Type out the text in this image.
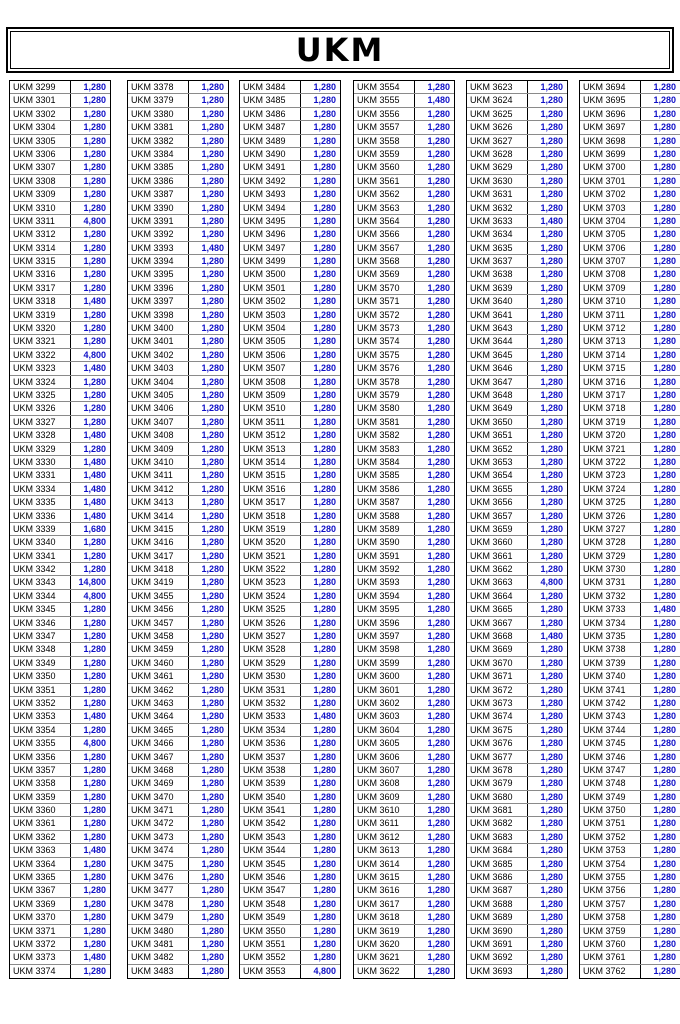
UKM
UKM 3299	1,280
UKM 3301	1,280
UKM 3302	1,280
UKM 3304	1,280
UKM 3305	1,280
UKM 3306	1,280
UKM 3307	1,280
UKM 3308	1,280
UKM 3309	1,280
UKM 3310	1,280
UKM 3311	4,800
UKM 3312	1,280
UKM 3314	1,280
UKM 3315	1,280
UKM 3316	1,280
UKM 3317	1,280
UKM 3318	1,480
UKM 3319	1,280
UKM 3320	1,280
UKM 3321	1,280
UKM 3322	4,800
UKM 3323	1,480
UKM 3324	1,280
UKM 3325	1,280
UKM 3326	1,280
UKM 3327	1,280
UKM 3328	1,480
UKM 3329	1,280
UKM 3330	1,480
UKM 3331	1,480
UKM 3334	1,480
UKM 3335	1,480
UKM 3336	1,480
UKM 3339	1,680
UKM 3340	1,280
UKM 3341	1,280
UKM 3342	1,280
UKM 3343	14,800
UKM 3344	4,800
UKM 3345	1,280
UKM 3346	1,280
UKM 3347	1,280
UKM 3348	1,280
UKM 3349	1,280
UKM 3350	1,280
UKM 3351	1,280
UKM 3352	1,280
UKM 3353	1,480
UKM 3354	1,280
UKM 3355	4,800
UKM 3356	1,280
UKM 3357	1,280
UKM 3358	1,280
UKM 3359	1,280
UKM 3360	1,280
UKM 3361	1,280
UKM 3362	1,280
UKM 3363	1,480
UKM 3364	1,280
UKM 3365	1,280
UKM 3367	1,280
UKM 3369	1,280
UKM 3370	1,280
UKM 3371	1,280
UKM 3372	1,280
UKM 3373	1,480
UKM 3374	1,280
UKM 3378	1,280
UKM 3379	1,280
UKM 3380	1,280
UKM 3381	1,280
UKM 3382	1,280
UKM 3384	1,280
UKM 3385	1,280
UKM 3386	1,280
UKM 3387	1,280
UKM 3390	1,280
UKM 3391	1,280
UKM 3392	1,280
UKM 3393	1,480
UKM 3394	1,280
UKM 3395	1,280
UKM 3396	1,280
UKM 3397	1,280
UKM 3398	1,280
UKM 3400	1,280
UKM 3401	1,280
UKM 3402	1,280
UKM 3403	1,280
UKM 3404	1,280
UKM 3405	1,280
UKM 3406	1,280
UKM 3407	1,280
UKM 3408	1,280
UKM 3409	1,280
UKM 3410	1,280
UKM 3411	1,280
UKM 3412	1,280
UKM 3413	1,280
UKM 3414	1,280
UKM 3415	1,280
UKM 3416	1,280
UKM 3417	1,280
UKM 3418	1,280
UKM 3419	1,280
UKM 3455	1,280
UKM 3456	1,280
UKM 3457	1,280
UKM 3458	1,280
UKM 3459	1,280
UKM 3460	1,280
UKM 3461	1,280
UKM 3462	1,280
UKM 3463	1,280
UKM 3464	1,280
UKM 3465	1,280
UKM 3466	1,280
UKM 3467	1,280
UKM 3468	1,280
UKM 3469	1,280
UKM 3470	1,280
UKM 3471	1,280
UKM 3472	1,280
UKM 3473	1,280
UKM 3474	1,280
UKM 3475	1,280
UKM 3476	1,280
UKM 3477	1,280
UKM 3478	1,280
UKM 3479	1,280
UKM 3480	1,280
UKM 3481	1,280
UKM 3482	1,280
UKM 3483	1,280
UKM 3484	1,280
UKM 3485	1,280
UKM 3486	1,280
UKM 3487	1,280
UKM 3489	1,280
UKM 3490	1,280
UKM 3491	1,280
UKM 3492	1,280
UKM 3493	1,280
UKM 3494	1,280
UKM 3495	1,280
UKM 3496	1,280
UKM 3497	1,280
UKM 3499	1,280
UKM 3500	1,280
UKM 3501	1,280
UKM 3502	1,280
UKM 3503	1,280
UKM 3504	1,280
UKM 3505	1,280
UKM 3506	1,280
UKM 3507	1,280
UKM 3508	1,280
UKM 3509	1,280
UKM 3510	1,280
UKM 3511	1,280
UKM 3512	1,280
UKM 3513	1,280
UKM 3514	1,280
UKM 3515	1,280
UKM 3516	1,280
UKM 3517	1,280
UKM 3518	1,280
UKM 3519	1,280
UKM 3520	1,280
UKM 3521	1,280
UKM 3522	1,280
UKM 3523	1,280
UKM 3524	1,280
UKM 3525	1,280
UKM 3526	1,280
UKM 3527	1,280
UKM 3528	1,280
UKM 3529	1,280
UKM 3530	1,280
UKM 3531	1,280
UKM 3532	1,280
UKM 3533	1,480
UKM 3534	1,280
UKM 3536	1,280
UKM 3537	1,280
UKM 3538	1,280
UKM 3539	1,280
UKM 3540	1,280
UKM 3541	1,280
UKM 3542	1,280
UKM 3543	1,280
UKM 3544	1,280
UKM 3545	1,280
UKM 3546	1,280
UKM 3547	1,280
UKM 3548	1,280
UKM 3549	1,280
UKM 3550	1,280
UKM 3551	1,280
UKM 3552	1,280
UKM 3553	4,800
UKM 3554	1,280
UKM 3555	1,480
UKM 3556	1,280
UKM 3557	1,280
UKM 3558	1,280
UKM 3559	1,280
UKM 3560	1,280
UKM 3561	1,280
UKM 3562	1,280
UKM 3563	1,280
UKM 3564	1,280
UKM 3566	1,280
UKM 3567	1,280
UKM 3568	1,280
UKM 3569	1,280
UKM 3570	1,280
UKM 3571	1,280
UKM 3572	1,280
UKM 3573	1,280
UKM 3574	1,280
UKM 3575	1,280
UKM 3576	1,280
UKM 3578	1,280
UKM 3579	1,280
UKM 3580	1,280
UKM 3581	1,280
UKM 3582	1,280
UKM 3583	1,280
UKM 3584	1,280
UKM 3585	1,280
UKM 3586	1,280
UKM 3587	1,280
UKM 3588	1,280
UKM 3589	1,280
UKM 3590	1,280
UKM 3591	1,280
UKM 3592	1,280
UKM 3593	1,280
UKM 3594	1,280
UKM 3595	1,280
UKM 3596	1,280
UKM 3597	1,280
UKM 3598	1,280
UKM 3599	1,280
UKM 3600	1,280
UKM 3601	1,280
UKM 3602	1,280
UKM 3603	1,280
UKM 3604	1,280
UKM 3605	1,280
UKM 3606	1,280
UKM 3607	1,280
UKM 3608	1,280
UKM 3609	1,280
UKM 3610	1,280
UKM 3611	1,280
UKM 3612	1,280
UKM 3613	1,280
UKM 3614	1,280
UKM 3615	1,280
UKM 3616	1,280
UKM 3617	1,280
UKM 3618	1,280
UKM 3619	1,280
UKM 3620	1,280
UKM 3621	1,280
UKM 3622	1,280
UKM 3623	1,280
UKM 3624	1,280
UKM 3625	1,280
UKM 3626	1,280
UKM 3627	1,280
UKM 3628	1,280
UKM 3629	1,280
UKM 3630	1,280
UKM 3631	1,280
UKM 3632	1,280
UKM 3633	1,480
UKM 3634	1,280
UKM 3635	1,280
UKM 3637	1,280
UKM 3638	1,280
UKM 3639	1,280
UKM 3640	1,280
UKM 3641	1,280
UKM 3643	1,280
UKM 3644	1,280
UKM 3645	1,280
UKM 3646	1,280
UKM 3647	1,280
UKM 3648	1,280
UKM 3649	1,280
UKM 3650	1,280
UKM 3651	1,280
UKM 3652	1,280
UKM 3653	1,280
UKM 3654	1,280
UKM 3655	1,280
UKM 3656	1,280
UKM 3657	1,280
UKM 3659	1,280
UKM 3660	1,280
UKM 3661	1,280
UKM 3662	1,280
UKM 3663	4,800
UKM 3664	1,280
UKM 3665	1,280
UKM 3667	1,280
UKM 3668	1,480
UKM 3669	1,280
UKM 3670	1,280
UKM 3671	1,280
UKM 3672	1,280
UKM 3673	1,280
UKM 3674	1,280
UKM 3675	1,280
UKM 3676	1,280
UKM 3677	1,280
UKM 3678	1,280
UKM 3679	1,280
UKM 3680	1,280
UKM 3681	1,280
UKM 3682	1,280
UKM 3683	1,280
UKM 3684	1,280
UKM 3685	1,280
UKM 3686	1,280
UKM 3687	1,280
UKM 3688	1,280
UKM 3689	1,280
UKM 3690	1,280
UKM 3691	1,280
UKM 3692	1,280
UKM 3693	1,280
UKM 3694	1,280
UKM 3695	1,280
UKM 3696	1,280
UKM 3697	1,280
UKM 3698	1,280
UKM 3699	1,280
UKM 3700	1,280
UKM 3701	1,280
UKM 3702	1,280
UKM 3703	1,280
UKM 3704	1,280
UKM 3705	1,280
UKM 3706	1,280
UKM 3707	1,280
UKM 3708	1,280
UKM 3709	1,280
UKM 3710	1,280
UKM 3711	1,280
UKM 3712	1,280
UKM 3713	1,280
UKM 3714	1,280
UKM 3715	1,280
UKM 3716	1,280
UKM 3717	1,280
UKM 3718	1,280
UKM 3719	1,280
UKM 3720	1,280
UKM 3721	1,280
UKM 3722	1,280
UKM 3723	1,280
UKM 3724	1,280
UKM 3725	1,280
UKM 3726	1,280
UKM 3727	1,280
UKM 3728	1,280
UKM 3729	1,280
UKM 3730	1,280
UKM 3731	1,280
UKM 3732	1,280
UKM 3733	1,480
UKM 3734	1,280
UKM 3735	1,280
UKM 3738	1,280
UKM 3739	1,280
UKM 3740	1,280
UKM 3741	1,280
UKM 3742	1,280
UKM 3743	1,280
UKM 3744	1,280
UKM 3745	1,280
UKM 3746	1,280
UKM 3747	1,280
UKM 3748	1,280
UKM 3749	1,280
UKM 3750	1,280
UKM 3751	1,280
UKM 3752	1,280
UKM 3753	1,280
UKM 3754	1,280
UKM 3755	1,280
UKM 3756	1,280
UKM 3757	1,280
UKM 3758	1,280
UKM 3759	1,280
UKM 3760	1,280
UKM 3761	1,280
UKM 3762	1,280
